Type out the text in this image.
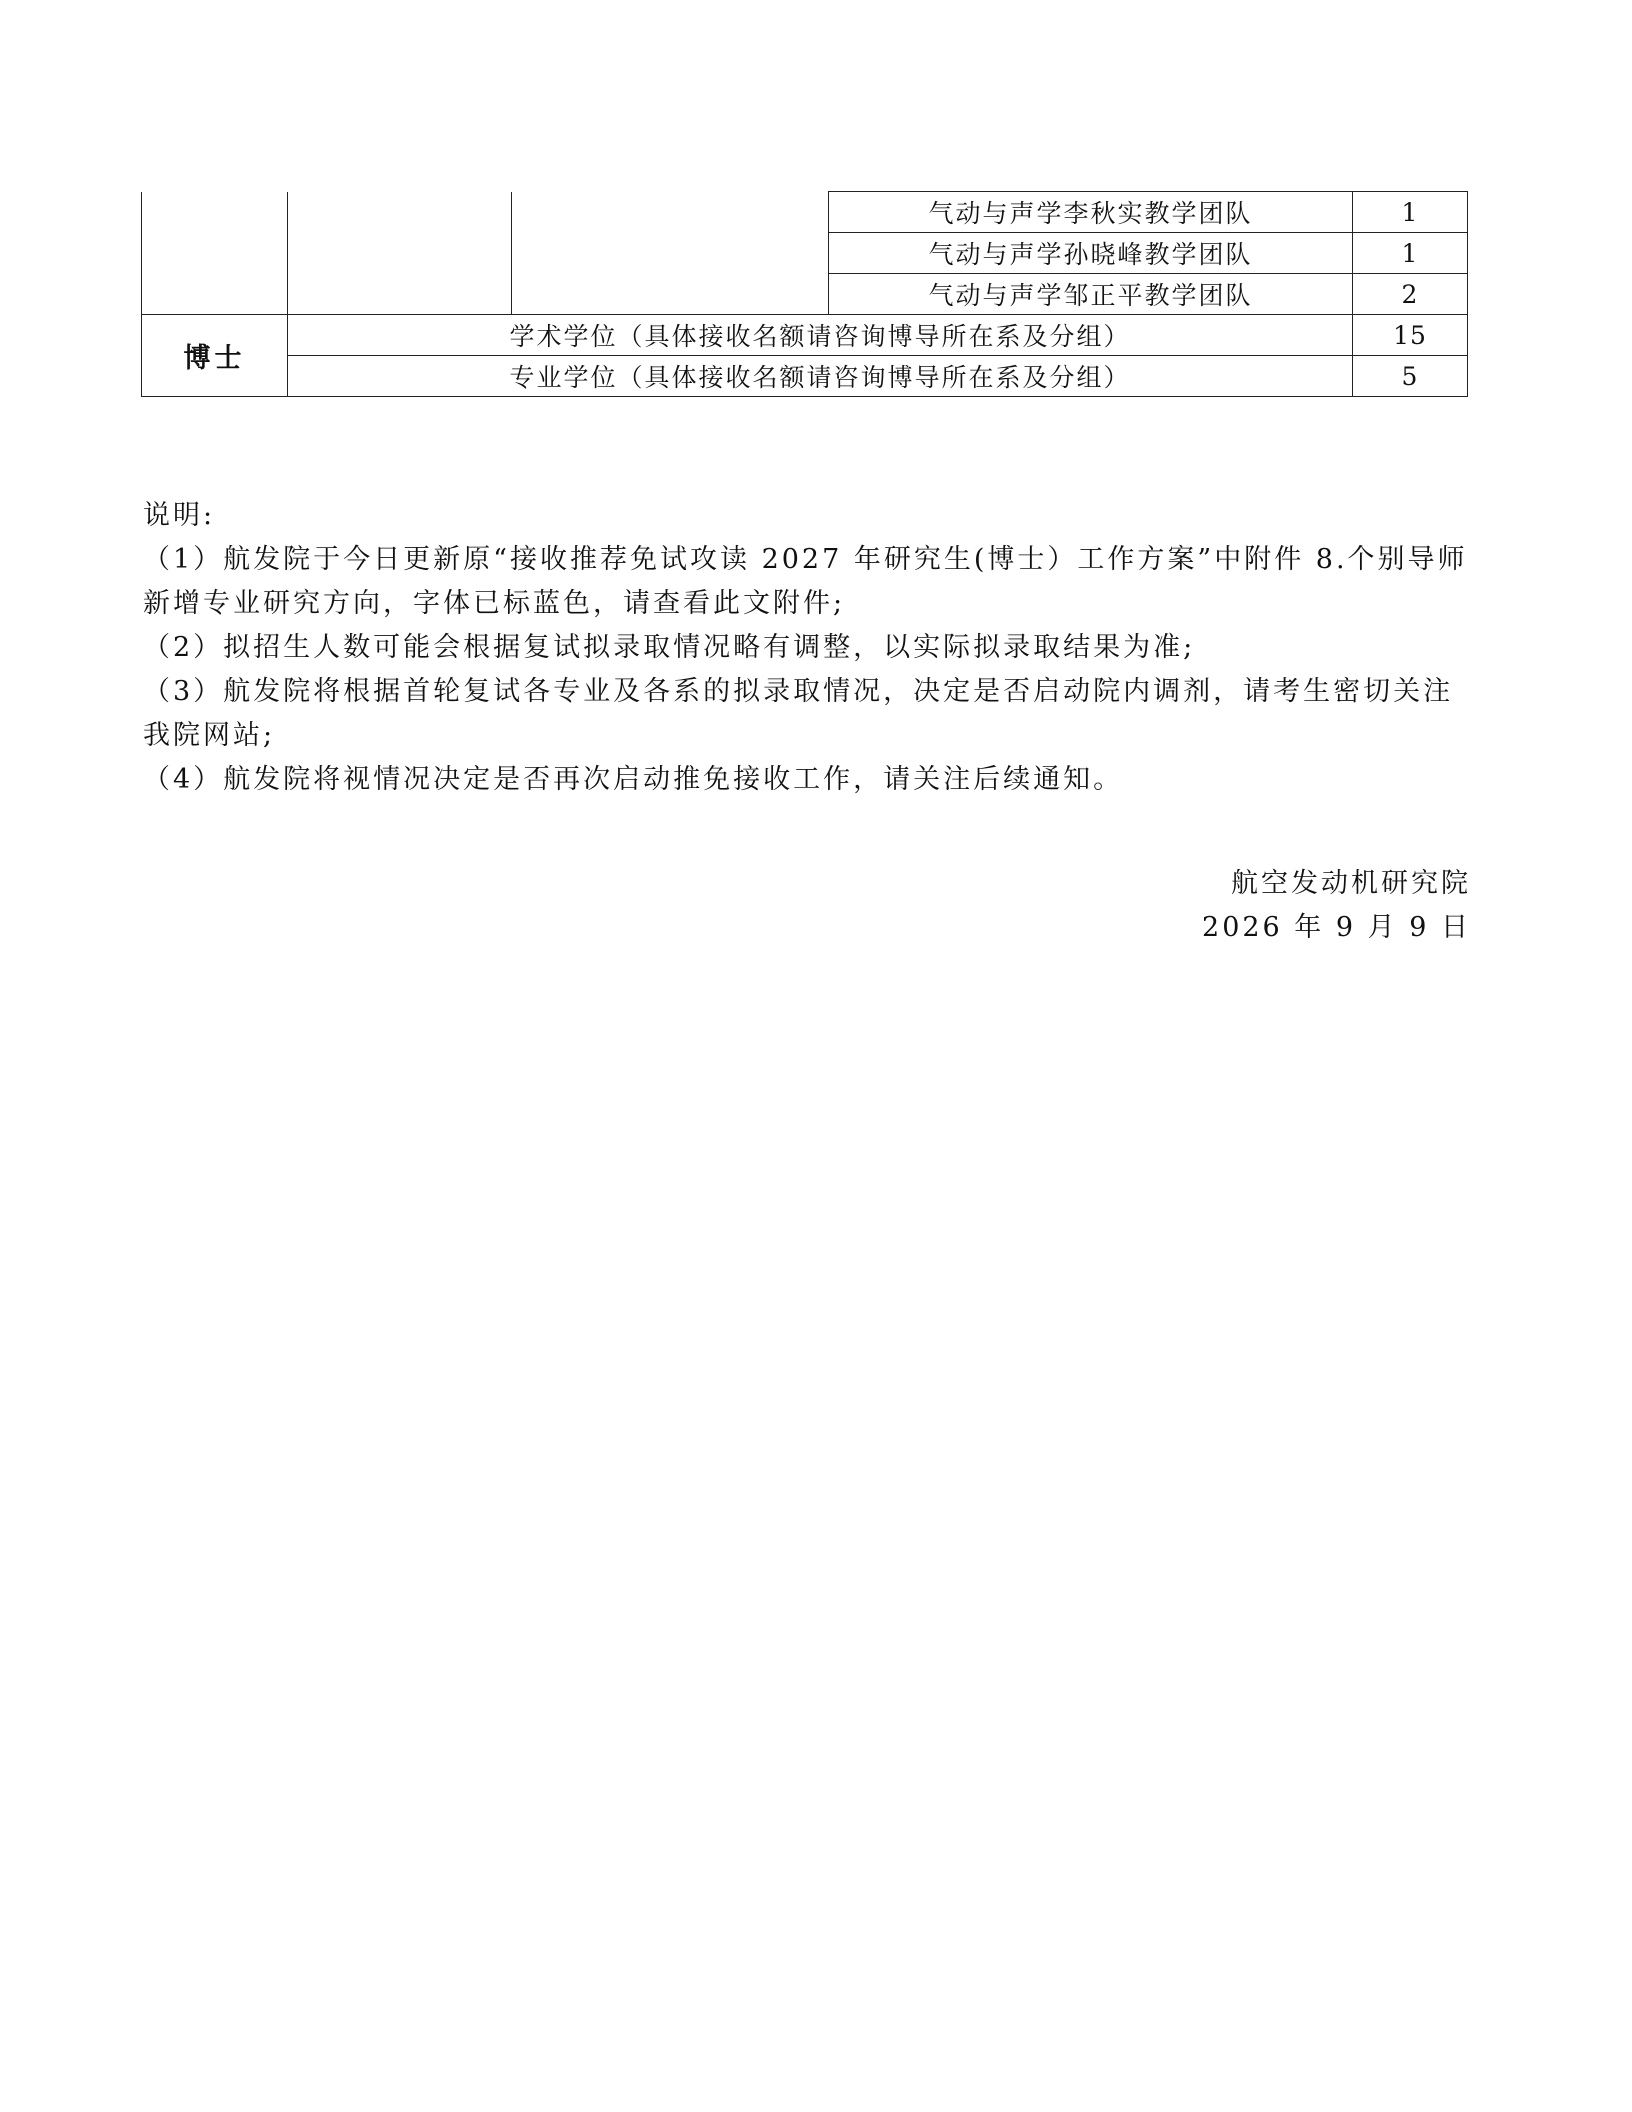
			气动与声学李秋实教学团队	1
			气动与声学孙晓峰教学团队	1
			气动与声学邹正平教学团队	2
博士	学术学位（具体接收名额请咨询博导所在系及分组）			15
	专业学位（具体接收名额请咨询博导所在系及分组）			5

说明:

（1）航发院于今日更新原“接收推荐免试攻读 2027 年研究生(博士）工作方案”中附件 8.个别导师新增专业研究方向，字体已标蓝色，请查看此文附件;

（2）拟招生人数可能会根据复试拟录取情况略有调整，以实际拟录取结果为准;

（3）航发院将根据首轮复试各专业及各系的拟录取情况，决定是否启动院内调剂，请考生密切关注我院网站;

（4）航发院将视情况决定是否再次启动推免接收工作，请关注后续通知。

航空发动机研究院
2026 年 9 月 9 日
